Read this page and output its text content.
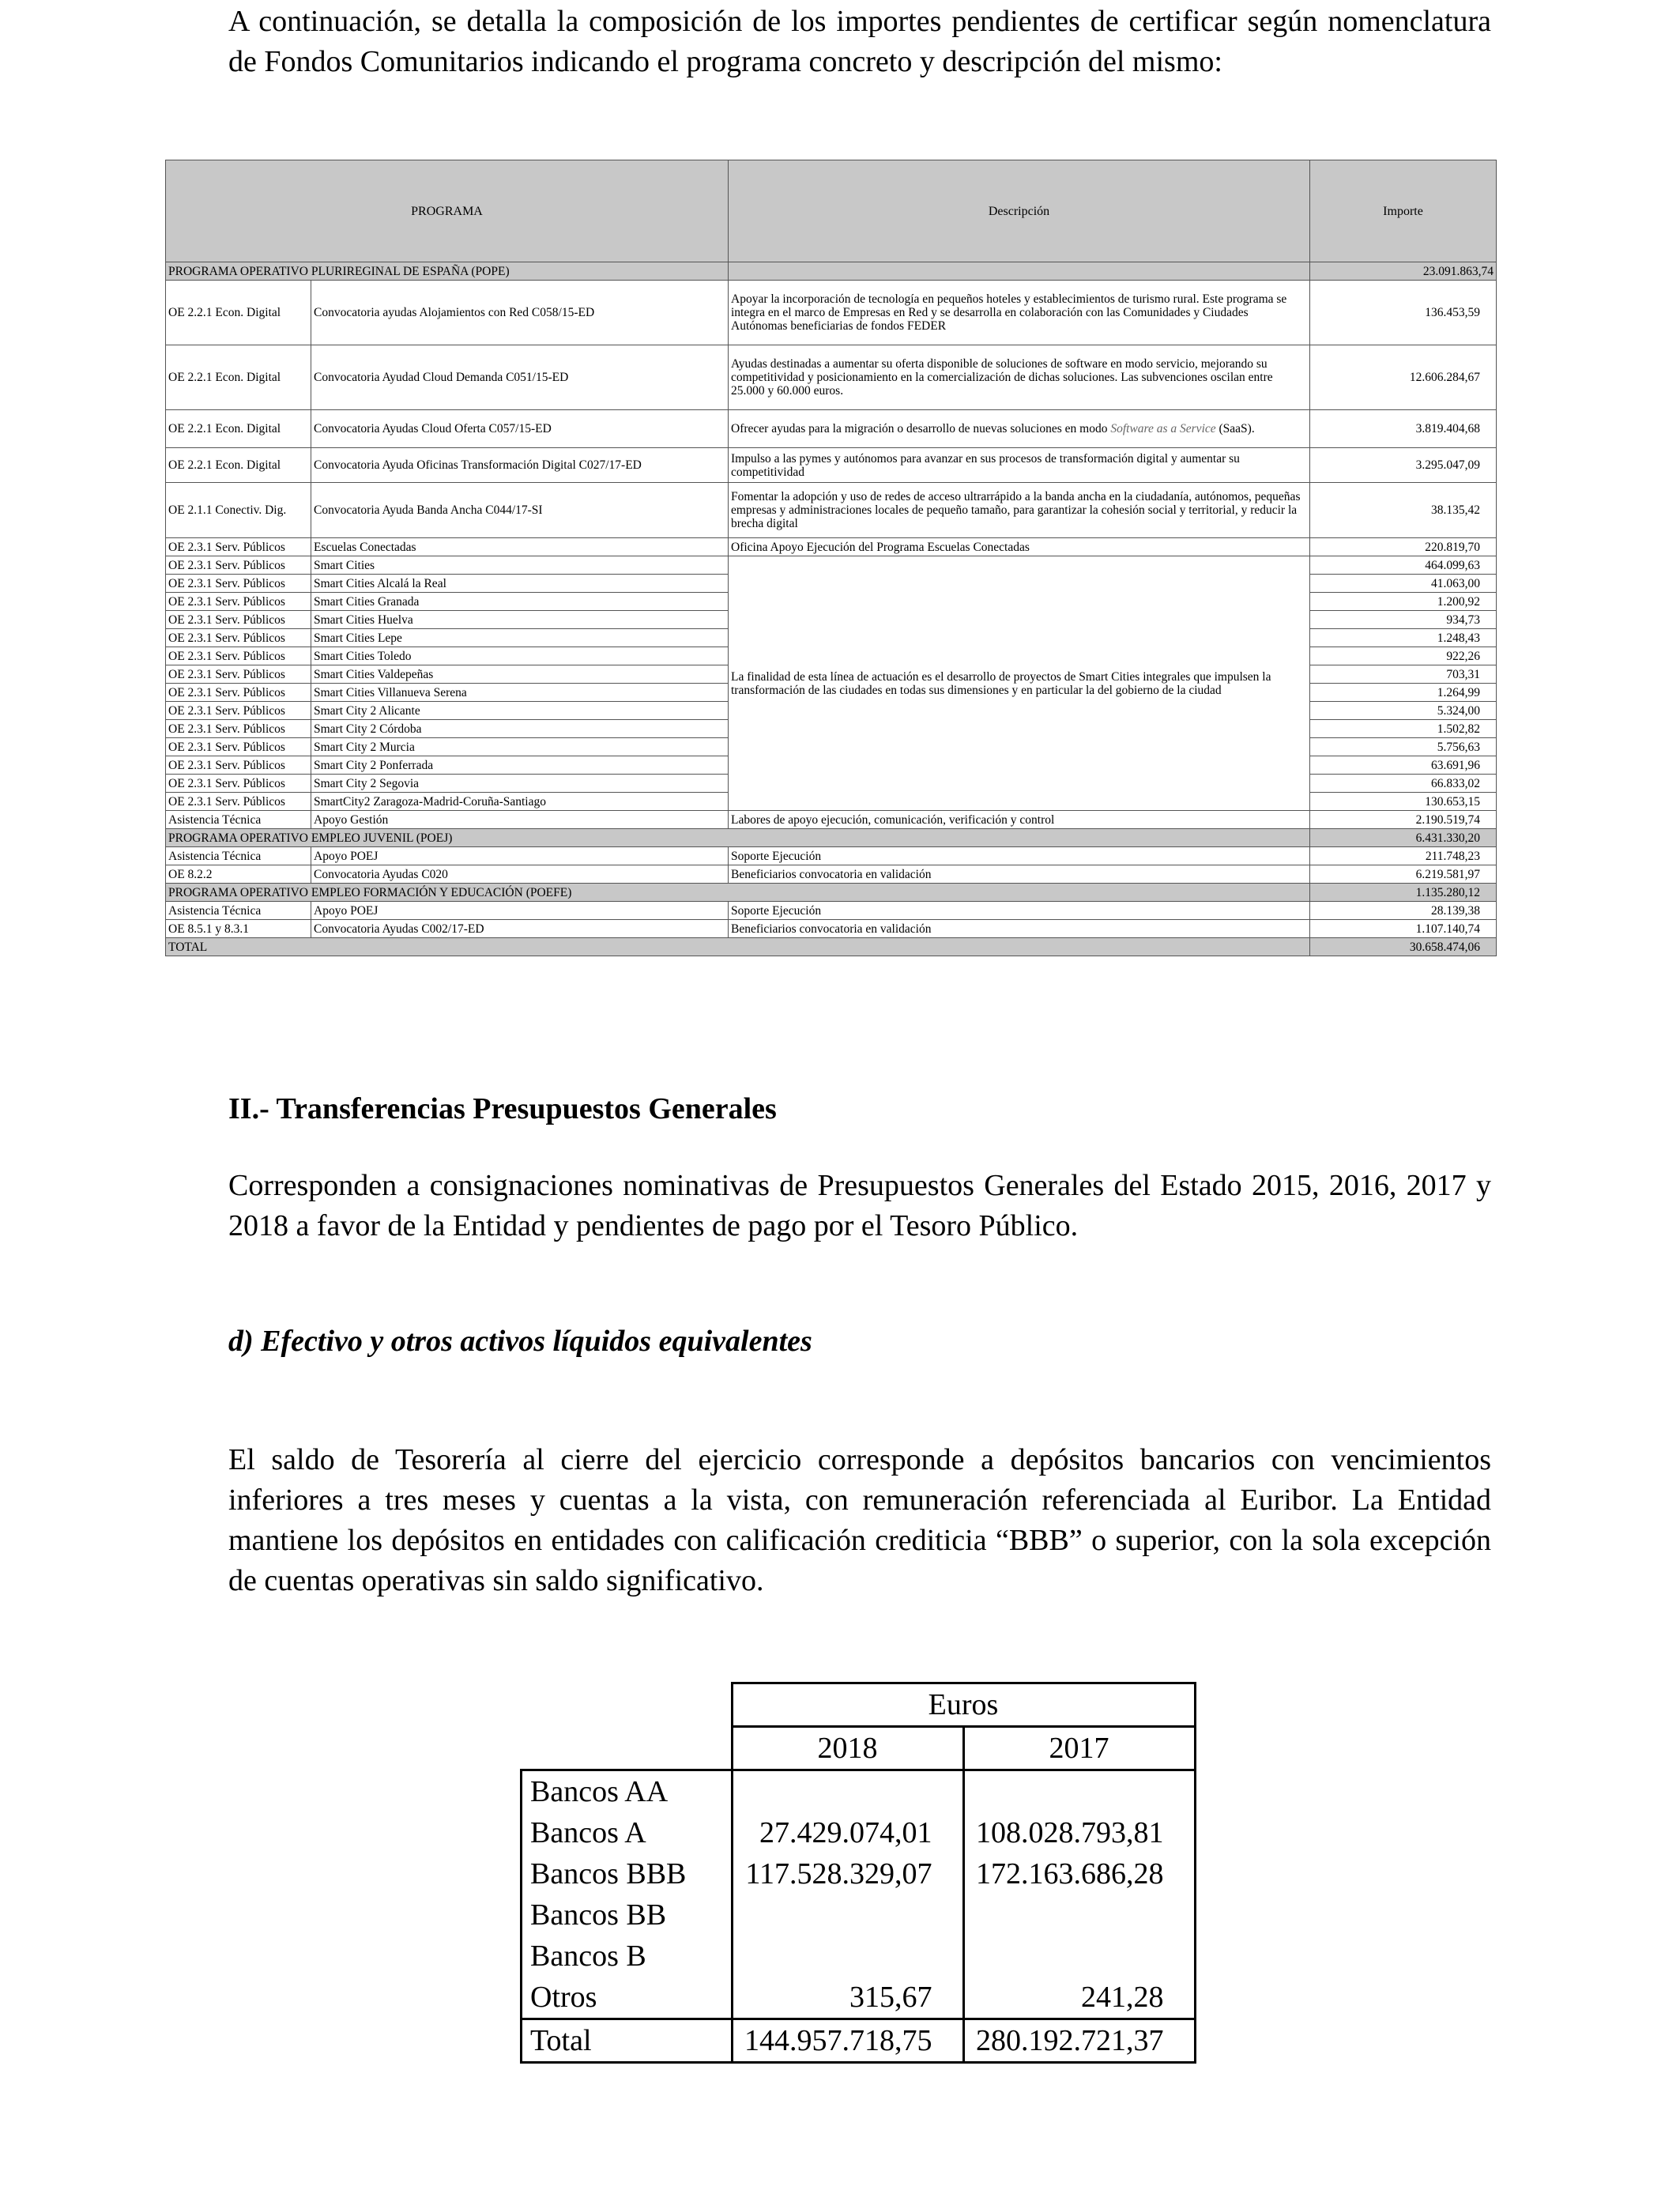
A continuación, se detalla la composición de los importes pendientes de certificar según nomenclatura de Fondos Comunitarios indicando el programa concreto y descripción del mismo:

PROGRAMA		Descripción	Importe
PROGRAMA OPERATIVO PLURIREGINAL DE ESPAÑA (POPE)			23.091.863,74
OE 2.2.1 Econ. Digital	Convocatoria ayudas Alojamientos con Red C058/15-ED	Apoyar la incorporación de tecnología en pequeños hoteles y establecimientos de turismo rural. Este programa se integra en el marco de Empresas en Red y se desarrolla en colaboración con las Comunidades y Ciudades Autónomas beneficiarias de fondos FEDER	136.453,59
OE 2.2.1 Econ. Digital	Convocatoria Ayudad Cloud Demanda C051/15-ED	Ayudas destinadas a aumentar su oferta disponible de soluciones de software en modo servicio, mejorando su competitividad y posicionamiento en la comercialización de dichas soluciones. Las subvenciones oscilan entre 25.000 y 60.000 euros.	12.606.284,67
OE 2.2.1 Econ. Digital	Convocatoria Ayudas Cloud Oferta C057/15-ED	Ofrecer ayudas para la migración o desarrollo de nuevas soluciones en modo Software as a Service (SaaS).	3.819.404,68
OE 2.2.1 Econ. Digital	Convocatoria Ayuda Oficinas Transformación Digital C027/17-ED	Impulso a las pymes y autónomos para avanzar en sus procesos de transformación digital y aumentar su competitividad	3.295.047,09
OE 2.1.1 Conectiv. Dig.	Convocatoria Ayuda Banda Ancha C044/17-SI	Fomentar la adopción y uso de redes de acceso ultrarrápido a la banda ancha en la ciudadanía, autónomos, pequeñas empresas y administraciones locales de pequeño tamaño, para garantizar la cohesión social y territorial, y reducir la brecha digital	38.135,42
OE 2.3.1 Serv. Públicos	Escuelas Conectadas	Oficina Apoyo Ejecución del Programa Escuelas Conectadas	220.819,70
OE 2.3.1 Serv. Públicos	Smart Cities	La finalidad de esta línea de actuación es el desarrollo de proyectos de Smart Cities integrales que impulsen la transformación de las ciudades en todas sus dimensiones y en particular la del gobierno de la ciudad	464.099,63
OE 2.3.1 Serv. Públicos	Smart Cities Alcalá la Real		41.063,00
OE 2.3.1 Serv. Públicos	Smart Cities Granada		1.200,92
OE 2.3.1 Serv. Públicos	Smart Cities Huelva		934,73
OE 2.3.1 Serv. Públicos	Smart Cities Lepe		1.248,43
OE 2.3.1 Serv. Públicos	Smart Cities Toledo		922,26
OE 2.3.1 Serv. Públicos	Smart Cities Valdepeñas		703,31
OE 2.3.1 Serv. Públicos	Smart Cities Villanueva Serena		1.264,99
OE 2.3.1 Serv. Públicos	Smart City 2 Alicante		5.324,00
OE 2.3.1 Serv. Públicos	Smart City 2 Córdoba		1.502,82
OE 2.3.1 Serv. Públicos	Smart City 2 Murcia		5.756,63
OE 2.3.1 Serv. Públicos	Smart City 2 Ponferrada		63.691,96
OE 2.3.1 Serv. Públicos	Smart City 2 Segovia		66.833,02
OE 2.3.1 Serv. Públicos	SmartCity2 Zaragoza-Madrid-Coruña-Santiago		130.653,15
Asistencia Técnica	Apoyo Gestión	Labores de apoyo ejecución, comunicación, verificación y control	2.190.519,74
PROGRAMA OPERATIVO EMPLEO JUVENIL (POEJ)			6.431.330,20
Asistencia Técnica	Apoyo POEJ	Soporte Ejecución	211.748,23
OE 8.2.2	Convocatoria Ayudas C020	Beneficiarios convocatoria en validación	6.219.581,97
PROGRAMA OPERATIVO EMPLEO FORMACIÓN Y EDUCACIÓN (POEFE)			1.135.280,12
Asistencia Técnica	Apoyo POEJ	Soporte Ejecución	28.139,38
OE 8.5.1 y 8.3.1	Convocatoria Ayudas C002/17-ED	Beneficiarios convocatoria en validación	1.107.140,74
TOTAL			30.658.474,06

II.- Transferencias Presupuestos Generales

Corresponden a consignaciones nominativas de Presupuestos Generales del Estado 2015, 2016, 2017 y 2018 a favor de la Entidad y pendientes de pago por el Tesoro Público.

d) Efectivo y otros activos líquidos equivalentes

El saldo de Tesorería al cierre del ejercicio corresponde a depósitos bancarios con vencimientos inferiores a tres meses y cuentas a la vista, con remuneración referenciada al Euribor. La Entidad mantiene los depósitos en entidades con calificación crediticia “BBB” o superior, con la sola excepción de cuentas operativas sin saldo significativo.

	Euros	
	2018	2017
Bancos AA		
Bancos A	27.429.074,01	108.028.793,81
Bancos BBB	117.528.329,07	172.163.686,28
Bancos BB		
Bancos B		
Otros	315,67	241,28
Total	144.957.718,75	280.192.721,37
